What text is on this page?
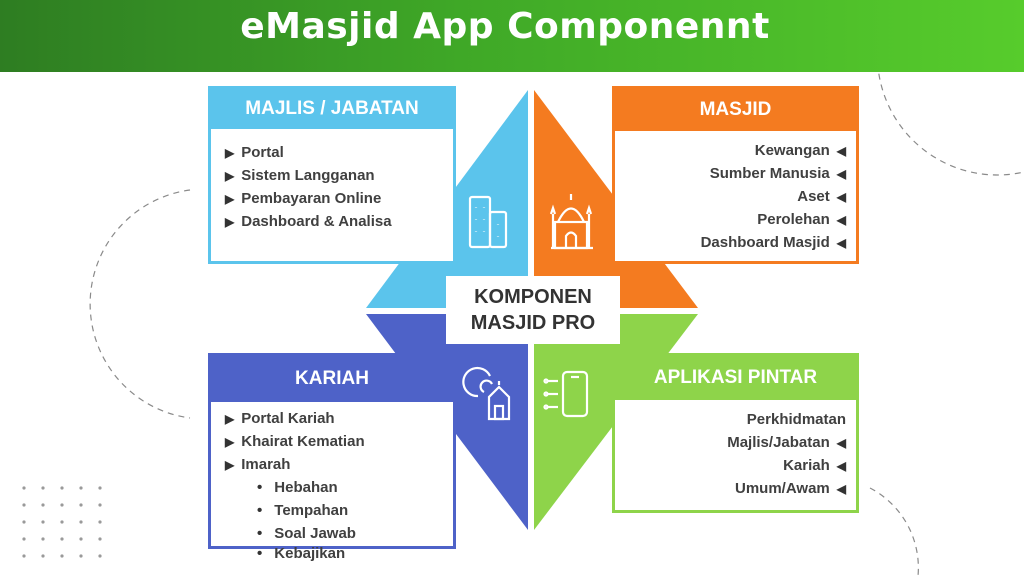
eMasjid App Componennt
MAJLIS / JABATAN
▶ Portal
▶ Sistem Langganan
▶ Pembayaran Online
▶ Dashboard & Analisa
MASJID
Kewangan ◀
Sumber Manusia ◀
Aset ◀
Perolehan ◀
Dashboard Masjid ◀
KARIAH
▶ Portal Kariah
▶ Khairat Kematian
▶ Imarah
• Hebahan
• Tempahan
• Soal Jawab
• Kebajikan
APLIKASI PINTAR
Perkhidmatan
Majlis/Jabatan ◀
Kariah ◀
Umum/Awam ◀
KOMPONEN
MASJID PRO
